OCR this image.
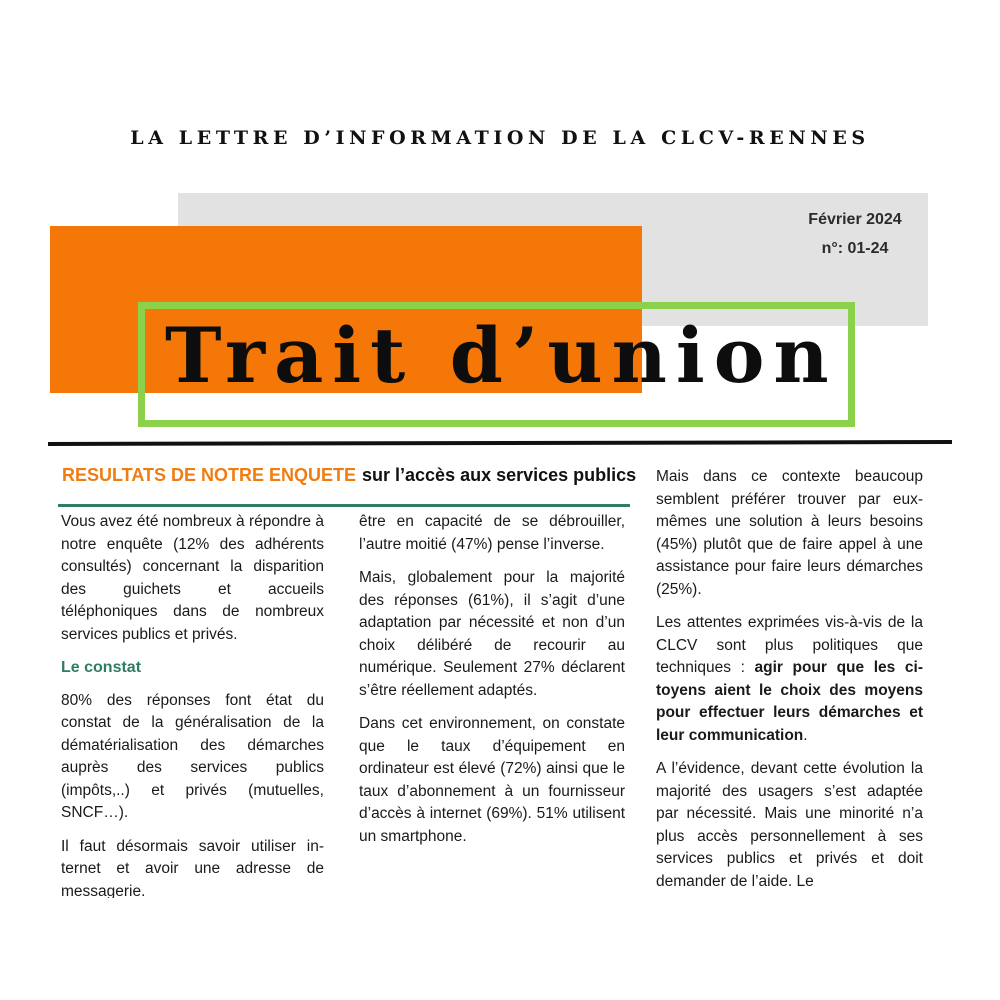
LA LETTRE D’INFORMATION DE LA CLCV-RENNES
Février 2024
n°: 01-24
Trait d’union
RESULTATS DE NOTRE ENQUETE sur l’accès aux services publics

Vous avez été nombreux à répondre à notre enquête (12% des adhérents consultés) concernant la disparition des guichets et accueils téléphoniques dans de nombreux services publics et privés.

Le constat

80% des réponses font état du constat de la généralisation de la dématérialisation des démarches auprès des services publics (impôts,..) et privés (mutuelles, SNCF…).

Il faut désormais savoir utiliser internet et avoir une adresse de messagerie.

être en capacité de se débrouiller, l’autre moitié (47%) pense l’inverse.

Mais, globalement pour la majorité des réponses (61%), il s’agit d’une adaptation par nécessité et non d’un choix délibéré de recourir au numérique. Seulement 27% déclarent s’être réellement adaptés.

Dans cet environnement, on constate que le taux d’équipement en ordinateur est élevé (72%) ainsi que le taux d’abonnement à un fournisseur d’accès à internet (69%). 51% utilisent un smartphone.

Mais dans ce contexte beaucoup semblent préférer trouver par eux-mêmes une solution à leurs besoins (45%) plutôt que de faire appel à une assistance pour faire leurs démarches (25%).

Les attentes exprimées vis-à-vis de la CLCV sont plus politiques que techniques : agir pour que les citoyens aient le choix des moyens pour effectuer leurs démarches et leur communication.

A l’évidence, devant cette évolution la majorité des usagers s’est adaptée par nécessité. Mais une minorité n’a plus accès personnellement à ses services publics et privés et doit demander de l’aide. Le
